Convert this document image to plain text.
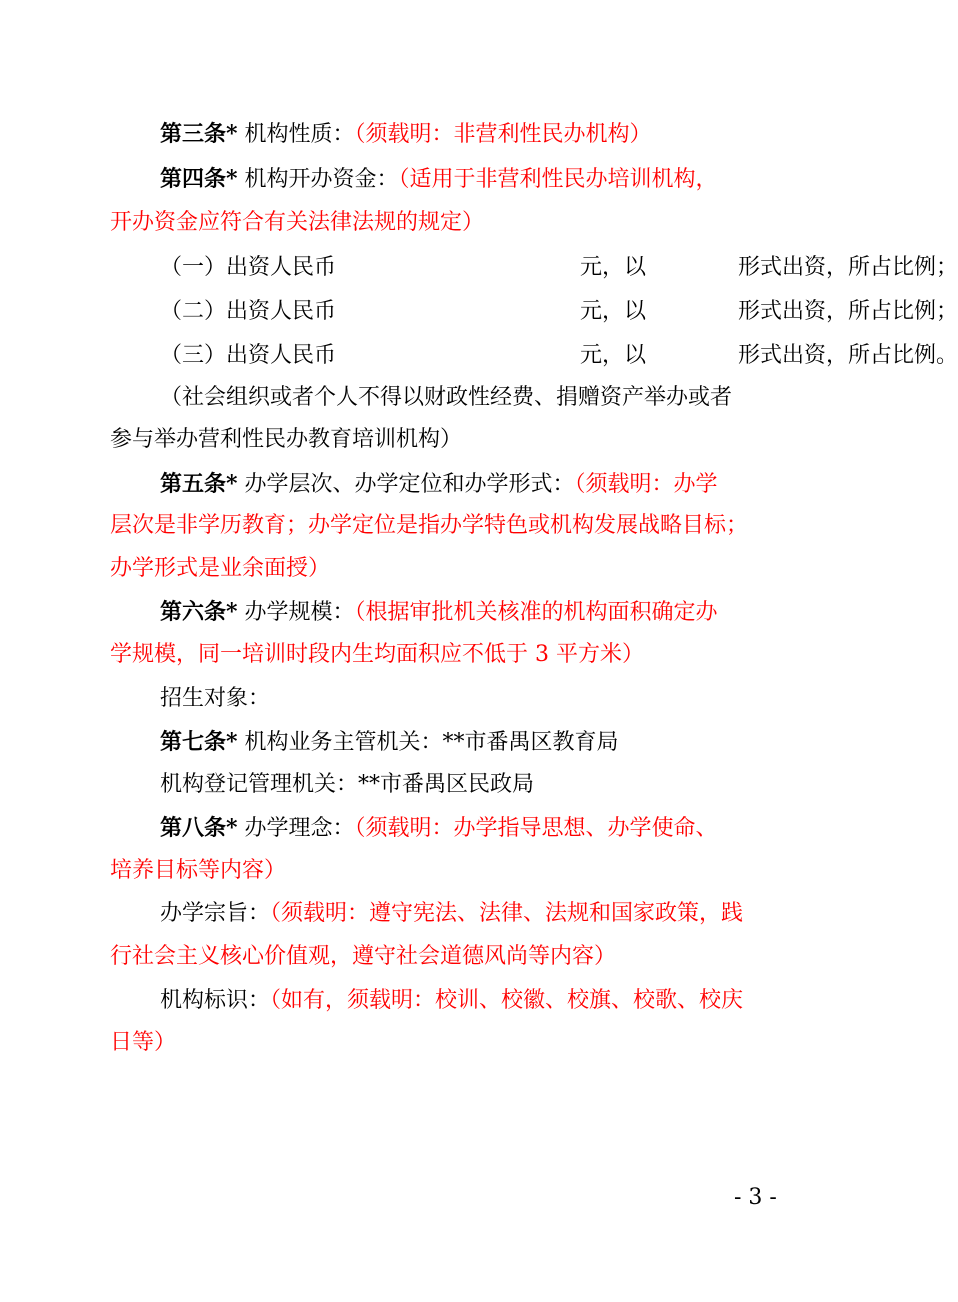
第三条* 机构性质：（须载明：非营利性民办机构）
第四条* 机构开办资金：（适用于非营利性民办培训机构，
开办资金应符合有关法律法规的规定）
（一）出资人民币	元，以	形式出资，所占比例；
（二）出资人民币	元，以	形式出资，所占比例；
（三）出资人民币	元，以	形式出资，所占比例。
（社会组织或者个人不得以财政性经费、捐赠资产举办或者
参与举办营利性民办教育培训机构）
第五条* 办学层次、办学定位和办学形式：（须载明：办学
层次是非学历教育；办学定位是指办学特色或机构发展战略目标；
办学形式是业余面授）
第六条* 办学规模：（根据审批机关核准的机构面积确定办
学规模，同一培训时段内生均面积应不低于 3 平方米）
招生对象：
第七条* 机构业务主管机关：**市番禺区教育局
机构登记管理机关：**市番禺区民政局
第八条* 办学理念：（须载明：办学指导思想、办学使命、
培养目标等内容）
办学宗旨：（须载明：遵守宪法、法律、法规和国家政策，践
行社会主义核心价值观，遵守社会道德风尚等内容）
机构标识：（如有，须载明：校训、校徽、校旗、校歌、校庆
日等）
- 3 -
